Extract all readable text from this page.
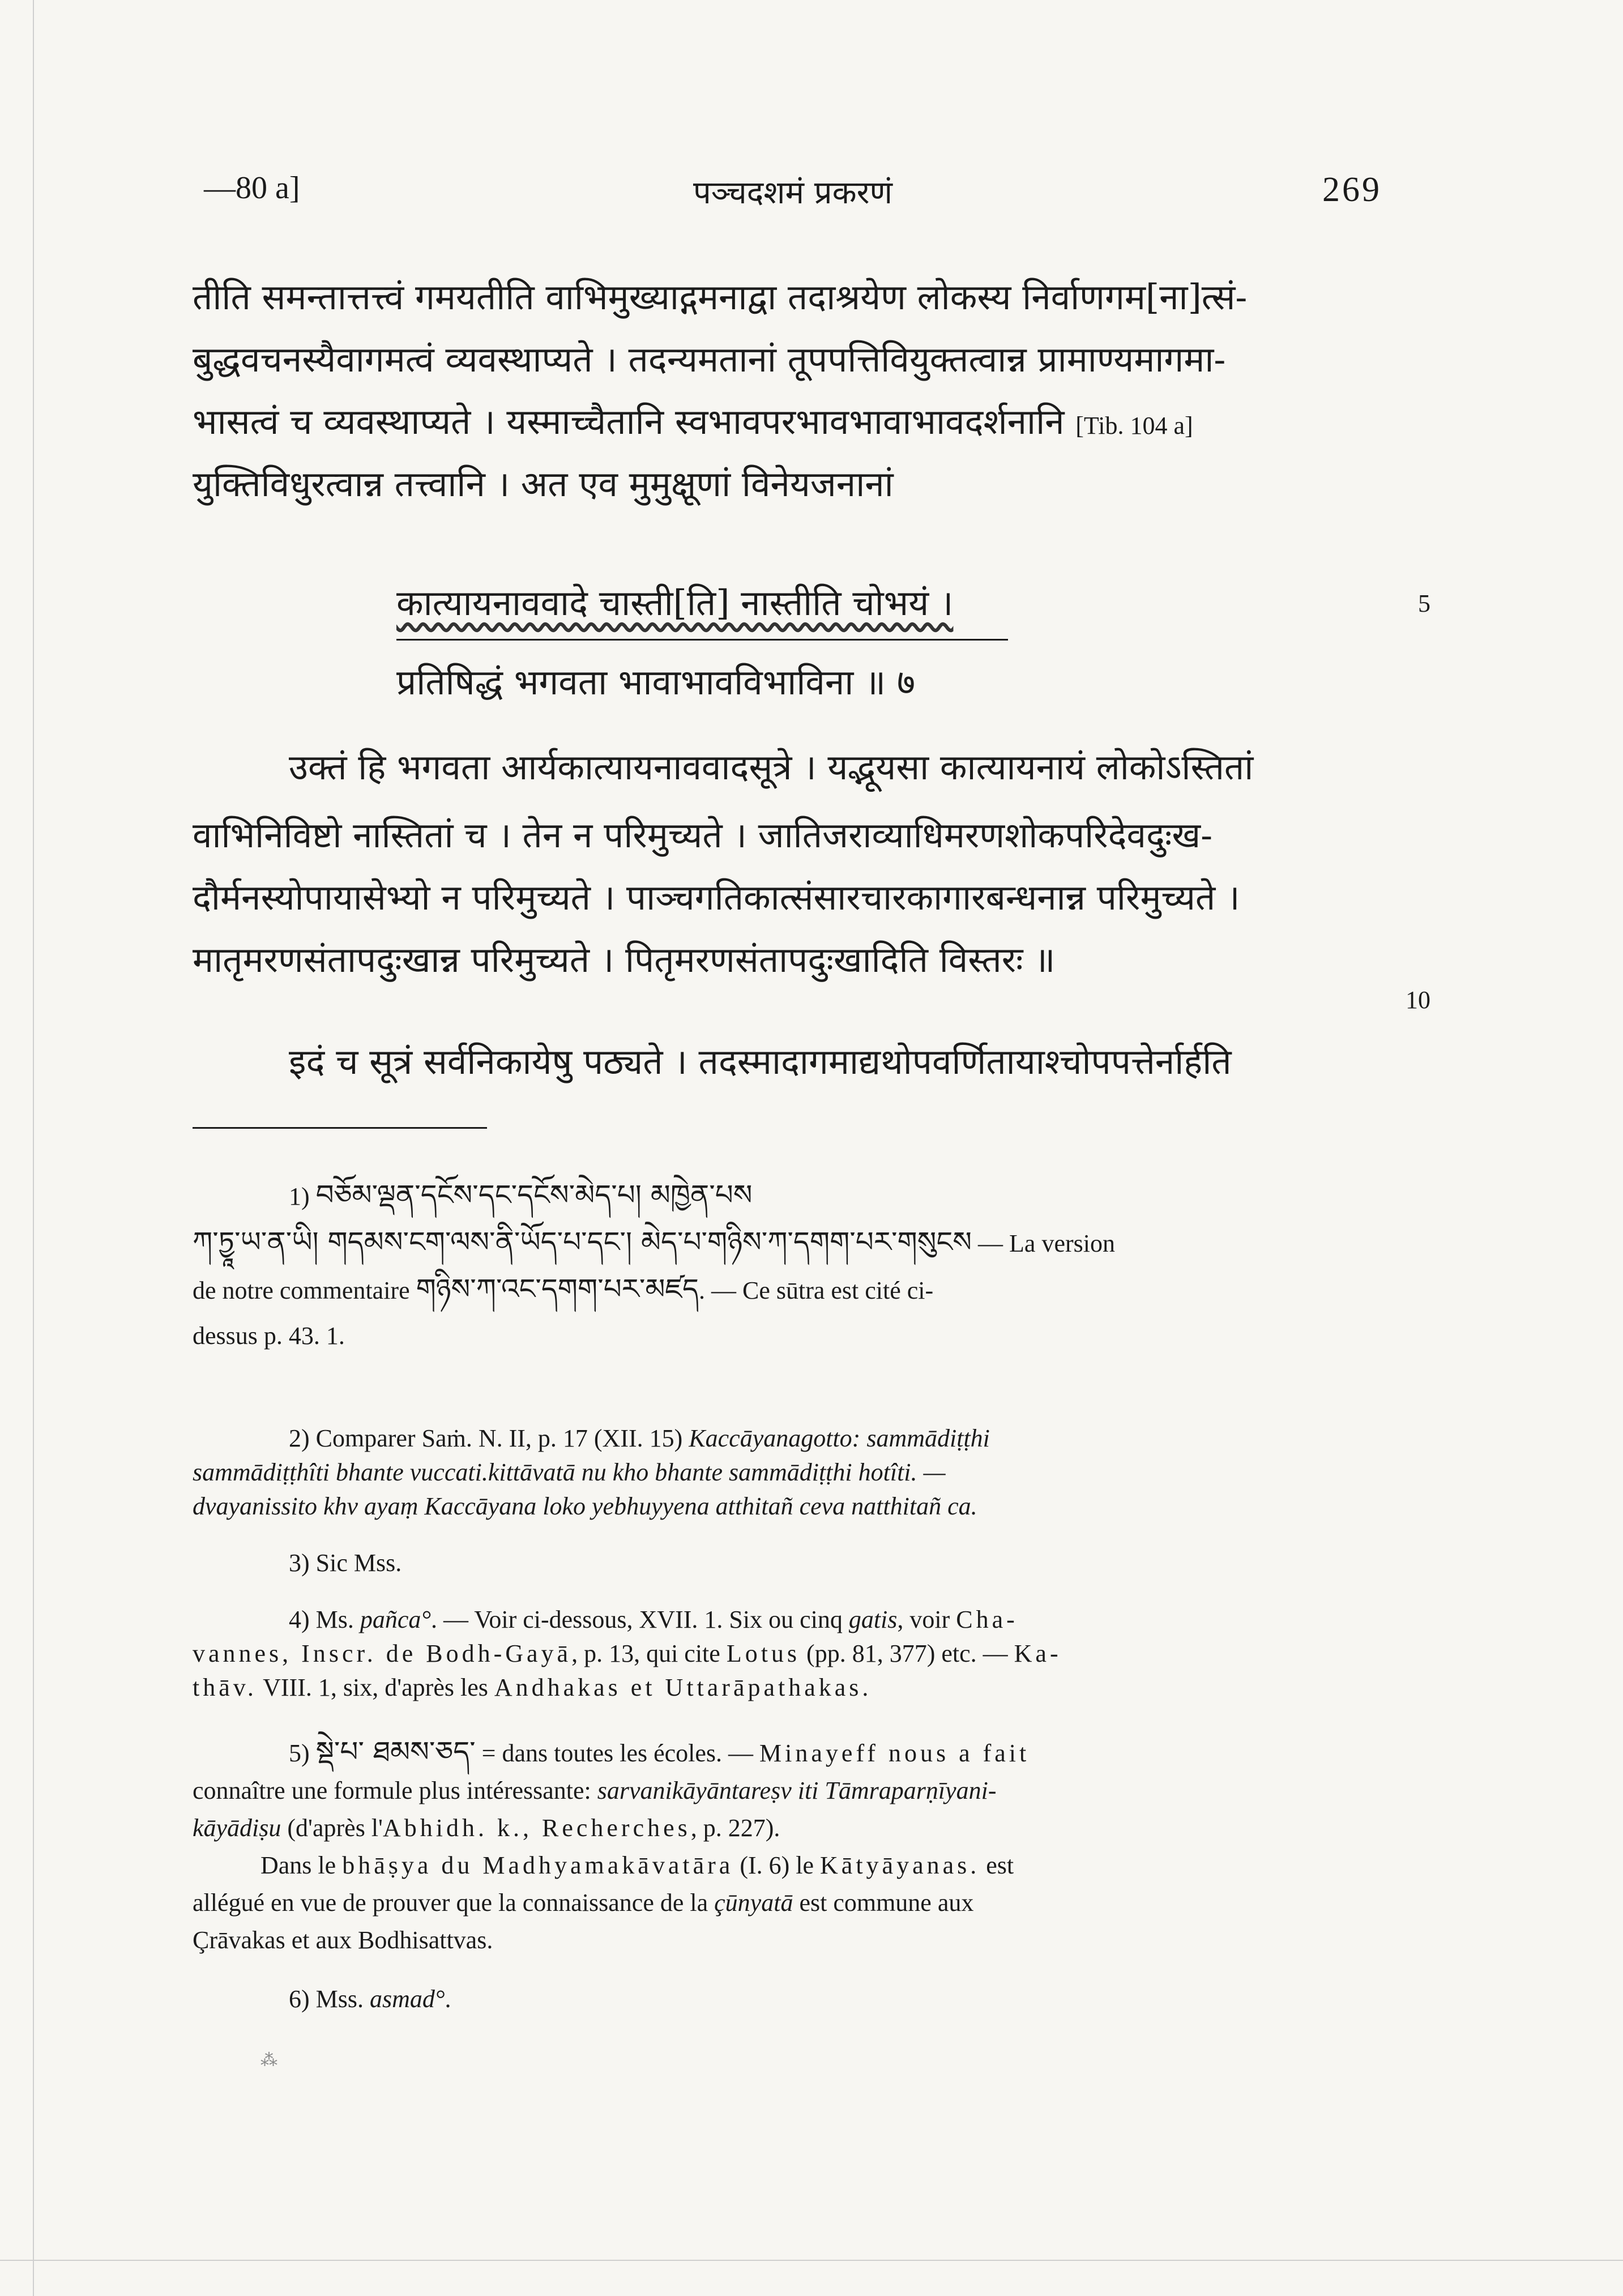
—80 a]	पञ्चदशमं प्रकरणं	269
तीति समन्तात्तत्त्वं गमयतीति वाभिमुख्याद्गमनाद्वा तदाश्रयेण लोकस्य निर्वाणगम[ना]त्सं-
बुद्धवचनस्यैवागमत्वं व्यवस्थाप्यते । तदन्यमतानां तूपपत्तिवियुक्तत्वान्न प्रामाण्यमागमा-
भासत्वं च व्यवस्थाप्यते । यस्माच्चैतानि स्वभावपरभावभावाभावदर्शनानि [Tib. 104 a]
युक्तिविधुरत्वान्न तत्त्वानि । अत एव मुमुक्षूणां विनेयजनानां
कात्यायनाववादे चास्ती[ति] नास्तीति चोभयं ।	5
प्रतिषिद्धं भगवता भावाभावविभाविना ॥ ७
उक्तं हि भगवता आर्यकात्यायनाववादसूत्रे । यद्भूयसा कात्यायनायं लोकोऽस्तितां
वाभिनिविष्टो नास्तितां च । तेन न परिमुच्यते । जातिजराव्याधिमरणशोकपरिदेवदुःख-
दौर्मनस्योपायासेभ्यो न परिमुच्यते । पाञ्चगतिकात्संसारचारकागारबन्धनान्न परिमुच्यते ।
मातृमरणसंतापदुःखान्न परिमुच्यते । पितृमरणसंतापदुःखादिति विस्तरः ॥
10
इदं च सूत्रं सर्वनिकायेषु पठ्यते । तदस्मादागमाद्यथोपवर्णितायाश्चोपपत्तेर्नार्हति
1) བཅོམ་ལྡན་དངོས་དང་དངོས་མེད་པ། མཁྱེན་པས
ཀ་ཏྱཱ་ཡ་ན་ཡི། གདམས་ངག་ལས་ནི་ཡོད་པ་དང་། མེད་པ་གཉིས་ཀ་དགག་པར་གསུངས — La version
de notre commentaire གཉིས་ཀ་འང་དགག་པར་མཛད. — Ce sūtra est cité ci-
dessus p. 43. 1.
2) Comparer Saṁ. N. II, p. 17 (XII. 15) Kaccāyanagotto: sammādiṭṭhi
sammādiṭṭhîti bhante vuccati.kittāvatā nu kho bhante sammādiṭṭhi hotîti. —
dvayanissito khv ayaṃ Kaccāyana loko yebhuyyena atthitañ ceva natthitañ ca.
3) Sic Mss.
4) Ms. pañca°. — Voir ci-dessous, XVII. 1. Six ou cinq gatis, voir Cha-
vannes, Inscr. de Bodh-Gayā, p. 13, qui cite Lotus (pp. 81, 377) etc. — Ka-
thāv. VIII. 1, six, d'après les Andhakas et Uttarāpathakas.
5) སྡེ་པ་ ཐམས་ཅད་ = dans toutes les écoles. — Minayeff nous a fait
connaître une formule plus intéressante: sarvanikāyāntareṣv iti Tāmraparṇīyani-
kāyādiṣu (d'après l'Abhidh. k., Recherches, p. 227).
Dans le bhāṣya du Madhyamakāvatāra (I. 6) le Kātyāyanas. est
allégué en vue de prouver que la connaissance de la çūnyatā est commune aux
Çrāvakas et aux Bodhisattvas.
6) Mss. asmad°.
⁂
